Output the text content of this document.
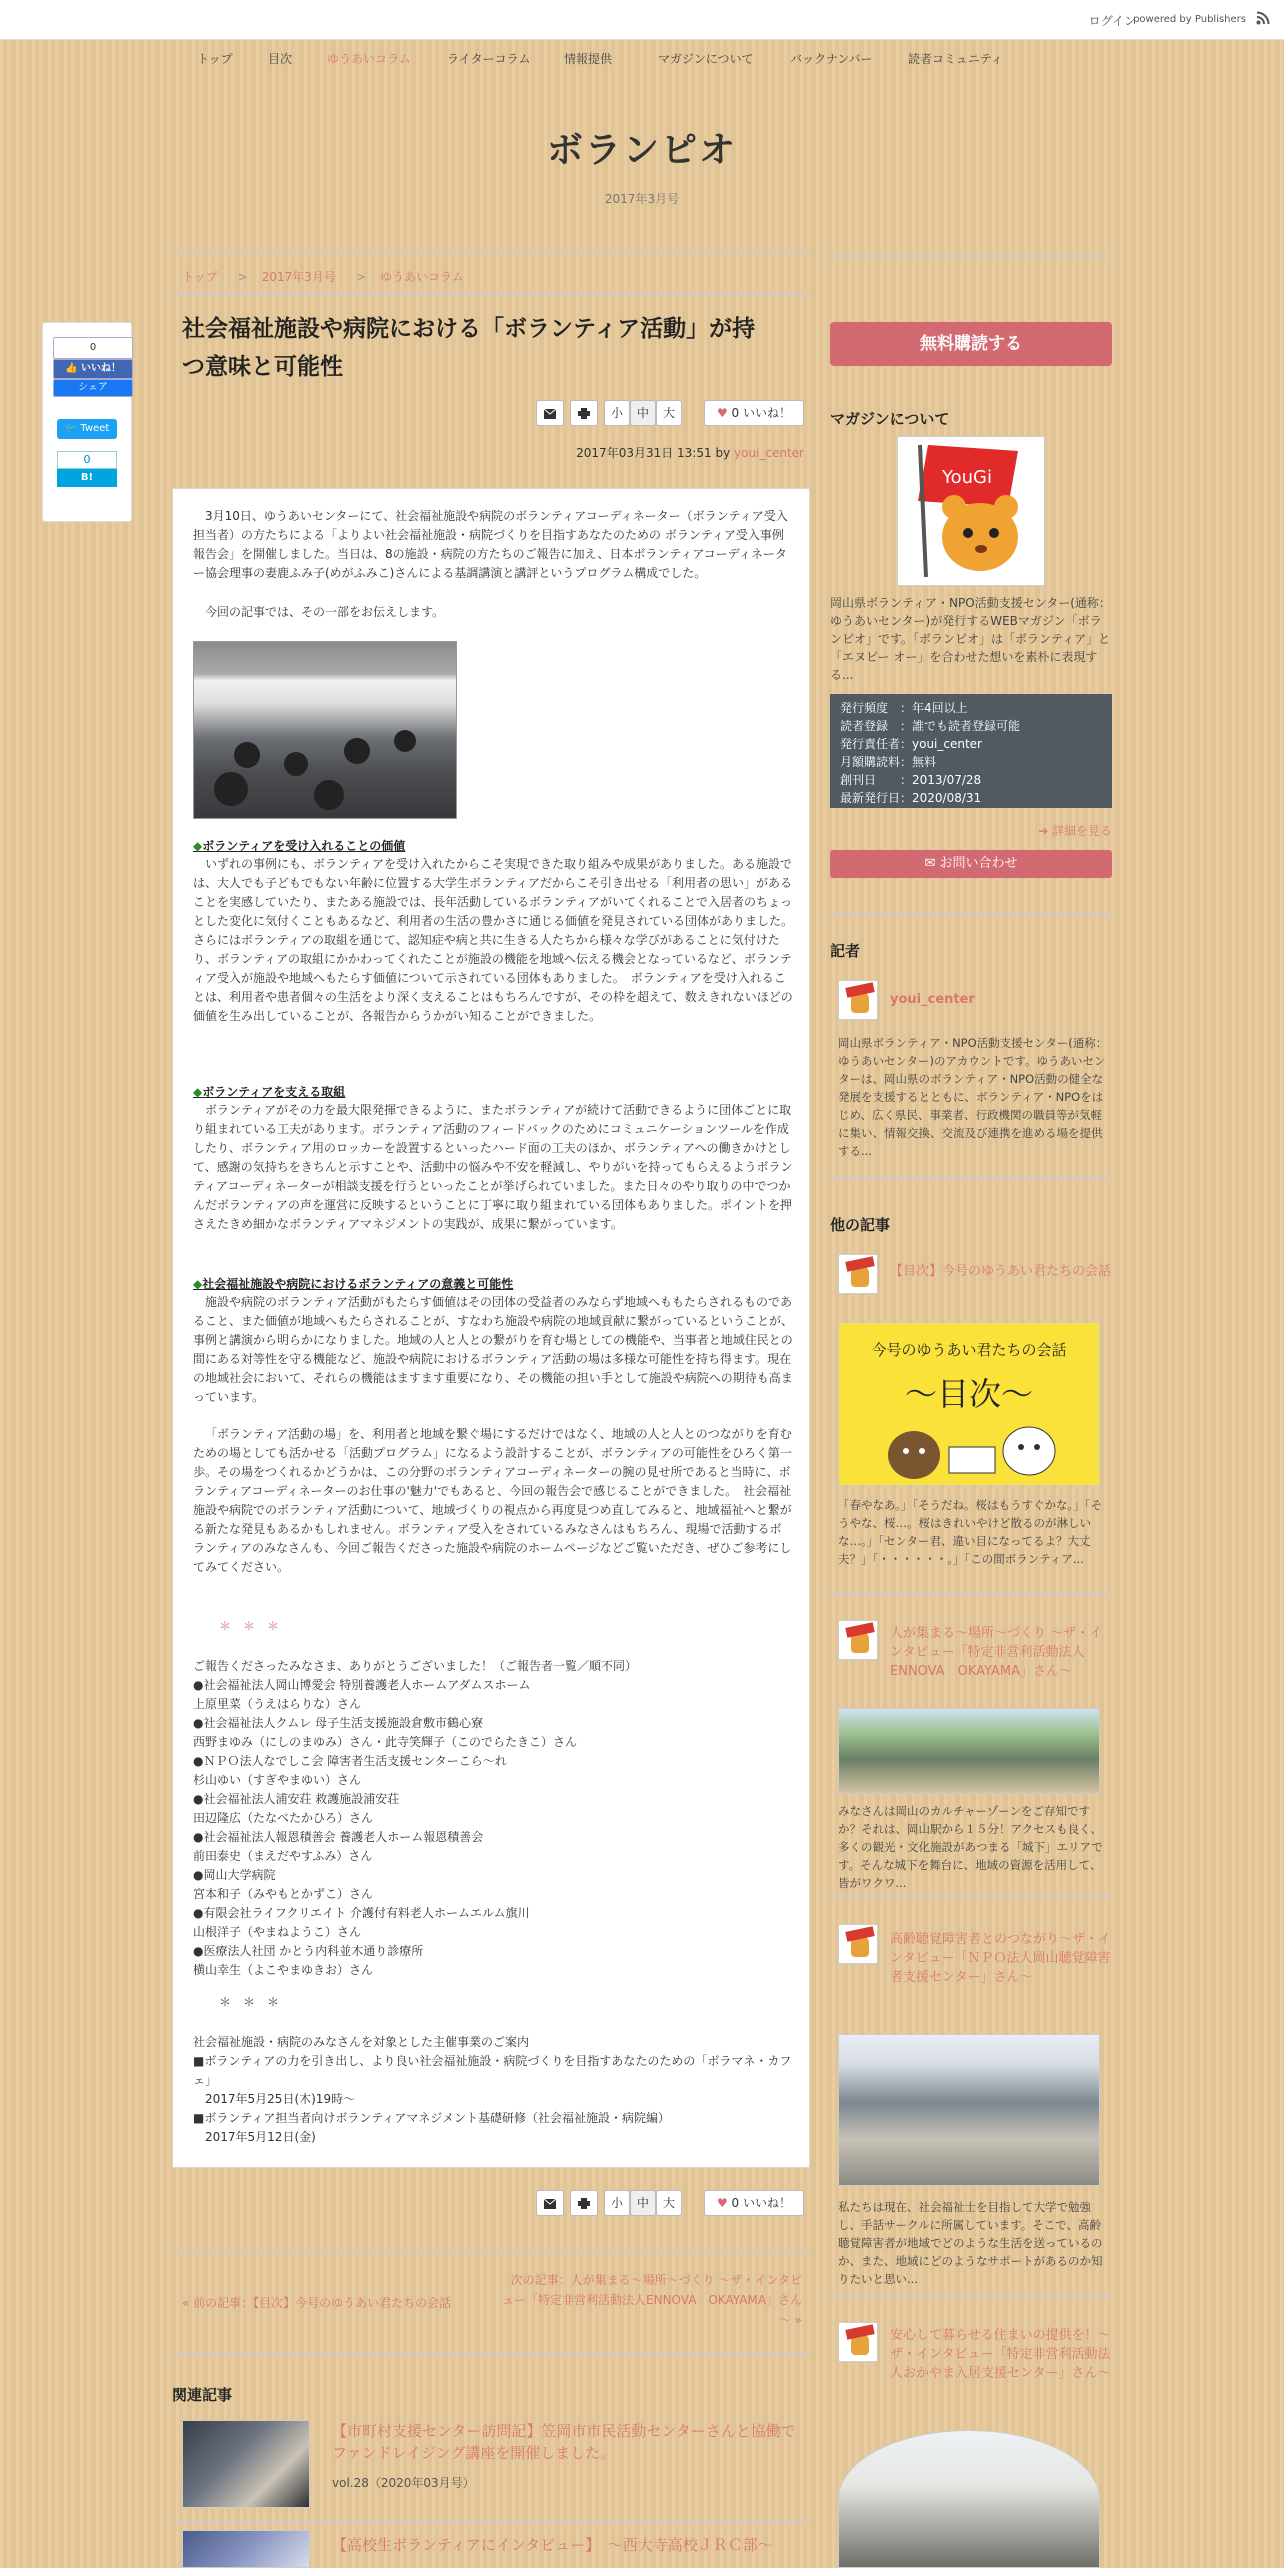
ログイン
powered by Publishers
トップ	目次	ゆうあいコラム	ライターコラム	情報提供	マガジンについて	バックナンバー	読者コミュニティ
ボランピオ
2017年3月号
トップ > 2017年3月号 > ゆうあいコラム
社会福祉施設や病院における「ボランティア活動」が持
つ意味と可能性
小	中	大	♥ 0 いいね！
2017年03月31日 13:51 by youi_center
0
👍 いいね！
シェア
🐦 Tweet
0
B! Bookmark
3月10日、ゆうあいセンターにて、社会福祉施設や病院のボランティアコーディネーター（ボランティア受入担当者）の方たちによる「よりよい社会福祉施設・病院づくりを目指すあなたのための ボランティア受入事例報告会」を開催しました。当日は、8の施設・病院の方たちのご報告に加え、日本ボランティアコーディネーター協会理事の妻鹿ふみ子(めがふみこ)さんによる基調講演と講評というプログラム構成でした。
今回の記事では、その一部をお伝えします。
◆ボランティアを受け入れることの価値
いずれの事例にも、ボランティアを受け入れたからこそ実現できた取り組みや成果がありました。ある施設では、大人でも子どもでもない年齢に位置する大学生ボランティアだからこそ引き出せる「利用者の思い」があることを実感していたり、またある施設では、長年活動しているボランティアがいてくれることで入居者のちょっとした変化に気付くこともあるなど、利用者の生活の豊かさに通じる価値を発見されている団体がありました。さらにはボランティアの取組を通じて、認知症や病と共に生きる人たちから様々な学びがあることに気付けたり、ボランティアの取組にかかわってくれたことが施設の機能を地域へ伝える機会となっているなど、ボランティア受入が施設や地域へもたらす価値について示されている団体もありました。　ボランティアを受け入れることは、利用者や患者個々の生活をより深く支えることはもちろんですが、その枠を超えて、数えきれないほどの価値を生み出していることが、各報告からうかがい知ることができました。
◆ボランティアを支える取組
ボランティアがその力を最大限発揮できるように、またボランティアが続けて活動できるように団体ごとに取り組まれている工夫があります。ボランティア活動のフィードバックのためにコミュニケーションツールを作成したり、ボランティア用のロッカーを設置するといったハード面の工夫のほか、ボランティアへの働きかけとして、感謝の気持ちをきちんと示すことや、活動中の悩みや不安を軽減し、やりがいを持ってもらえるようボランティアコーディネーターが相談支援を行うといったことが挙げられていました。また日々のやり取りの中でつかんだボランティアの声を運営に反映するということに丁寧に取り組まれている団体もありました。ポイントを押さえたきめ細かなボランティアマネジメントの実践が、成果に繋がっています。
◆社会福祉施設や病院におけるボランティアの意義と可能性
施設や病院のボランティア活動がもたらす価値はその団体の受益者のみならず地域へももたらされるものであること、また価値が地域へもたらされることが、すなわち施設や病院の地域貢献に繋がっているということが、事例と講演から明らかになりました。地域の人と人との繋がりを育む場としての機能や、当事者と地域住民との間にある対等性を守る機能など、施設や病院におけるボランティア活動の場は多様な可能性を持ち得ます。現在の地域社会において、それらの機能はますます重要になり、その機能の担い手として施設や病院への期待も高まっています。
「ボランティア活動の場」を、利用者と地域を繋ぐ場にするだけではなく、地域の人と人とのつながりを育むための場としても活かせる「活動プログラム」になるよう設計することが、ボランティアの可能性をひろく第一歩。その場をつくれるかどうかは、この分野のボランティアコーディネーターの腕の見せ所であると当時に、ボランティアコーディネーターのお仕事の'魅力'でもあると、今回の報告会で感じることができました。　社会福祉施設や病院でのボランティア活動について、地域づくりの視点から再度見つめ直してみると、地域福祉へと繋がる新たな発見もあるかもしれません。ボランティア受入をされているみなさんはもちろん、現場で活動するボランティアのみなさんも、今回ご報告くださった施設や病院のホームページなどご覧いただき、ぜひご参考にしてみてください。
＊　＊　＊
ご報告くださったみなさま、ありがとうございました！（ご報告者一覧／順不同）
●社会福祉法人岡山博愛会 特別養護老人ホームアダムスホーム
上原里菜（うえはらりな）さん
●社会福祉法人クムレ 母子生活支援施設倉敷市鶴心寮
西野まゆみ（にしのまゆみ）さん・此寺笑輝子（このでらたきこ）さん
●ＮＰＯ法人なでしこ会 障害者生活支援センターこら～れ
杉山ゆい（すぎやまゆい）さん
●社会福祉法人浦安荘 救護施設浦安荘
田辺隆広（たなべたかひろ）さん
●社会福祉法人報恩積善会 養護老人ホーム報恩積善会
前田泰史（まえだやすふみ）さん
●岡山大学病院
宮本和子（みやもとかずこ）さん
●有限会社ライフクリエイト 介護付有料老人ホームエルム旗川
山根洋子（やまねようこ）さん
●医療法人社団 かとう内科並木通り診療所
横山幸生（よこやまゆきお）さん
＊　＊　＊
社会福祉施設・病院のみなさんを対象とした主催事業のご案内
■ボランティアの力を引き出し、より良い社会福祉施設・病院づくりを目指すあなたのための「ボラマネ・カフェ」
　2017年5月25日(木)19時～
■ボランティア担当者向けボランティアマネジメント基礎研修（社会福祉施設・病院編）
　2017年5月12日(金)
小	中	大	♥ 0 いいね！
« 前の記事：【目次】今号のゆうあい君たちの会話
次の記事：人が集まる～場所～づくり ～ザ・インタビュー「特定非営利活動法人ENNOVA　OKAYAMA」さん～ »
関連記事
【市町村支援センター訪問記】笠岡市市民活動センターさんと協働でファンドレイジング講座を開催しました。
vol.28（2020年03月号）
【高校生ボランティアにインタビュー】　～西大寺高校ＪＲＣ部～
無料購読する
マガジンについて
YouGi
岡山県ボランティア・NPO活動支援センター(通称：ゆうあいセンター)が発行するWEBマガジン「ボランピオ」です。「ボランピオ」は「ボランティア」と「エヌピー オー」を合わせた想いを素朴に表現する...
発行頻度　：年4回以上
読者登録　：誰でも読者登録可能
発行責任者：youi_center
月額購読料：無料
創刊日　　：2013/07/28
最新発行日：2020/08/31
➔ 詳細を見る
✉ お問い合わせ
記者
youi_center
岡山県ボランティア・NPO活動支援センター(通称：ゆうあいセンター)のアカウントです。ゆうあいセンターは、岡山県のボランティア・NPO活動の健全な発展を支援するとともに、ボランティア・NPOをはじめ、広く県民、事業者、行政機関の職員等が気軽に集い、情報交換、交流及び連携を進める場を提供する...
他の記事
【目次】今号のゆうあい君たちの会話
今号のゆうあい君たちの会話
～目次～
「春やなあ。」「そうだね。桜はもうすぐかな。」「そうやな、桜…。桜はきれいやけど散るのが淋しいな…。」「センター君、違い目になってるよ？大丈夫？」「・・・・・・。」「この間ボランティア...
人が集まる～場所～づくり ～ザ・インタビュー「特定非営利活動法人ENNOVA　OKAYAMA」さん～
みなさんは岡山のカルチャーゾーンをご存知ですか？それは、岡山駅から１５分！アクセスも良く、多くの観光・文化施設があつまる「城下」エリアです。そんな城下を舞台に、地域の資源を活用して、皆がワクワ...
高齢聴覚障害者とのつながり～ザ・インタビュー「ＮＰＯ法人岡山聴覚障害者支援センター」さん～
私たちは現在、社会福祉士を目指して大学で勉強し、手話サークルに所属しています。そこで、高齢聴覚障害者が地域でどのような生活を送っているのか、また、地域にどのようなサポートがあるのか知りたいと思い...
安心して暮らせる住まいの提供を！～ザ・インタビュー「特定非営利活動法人おかやま入居支援センター」さん～
